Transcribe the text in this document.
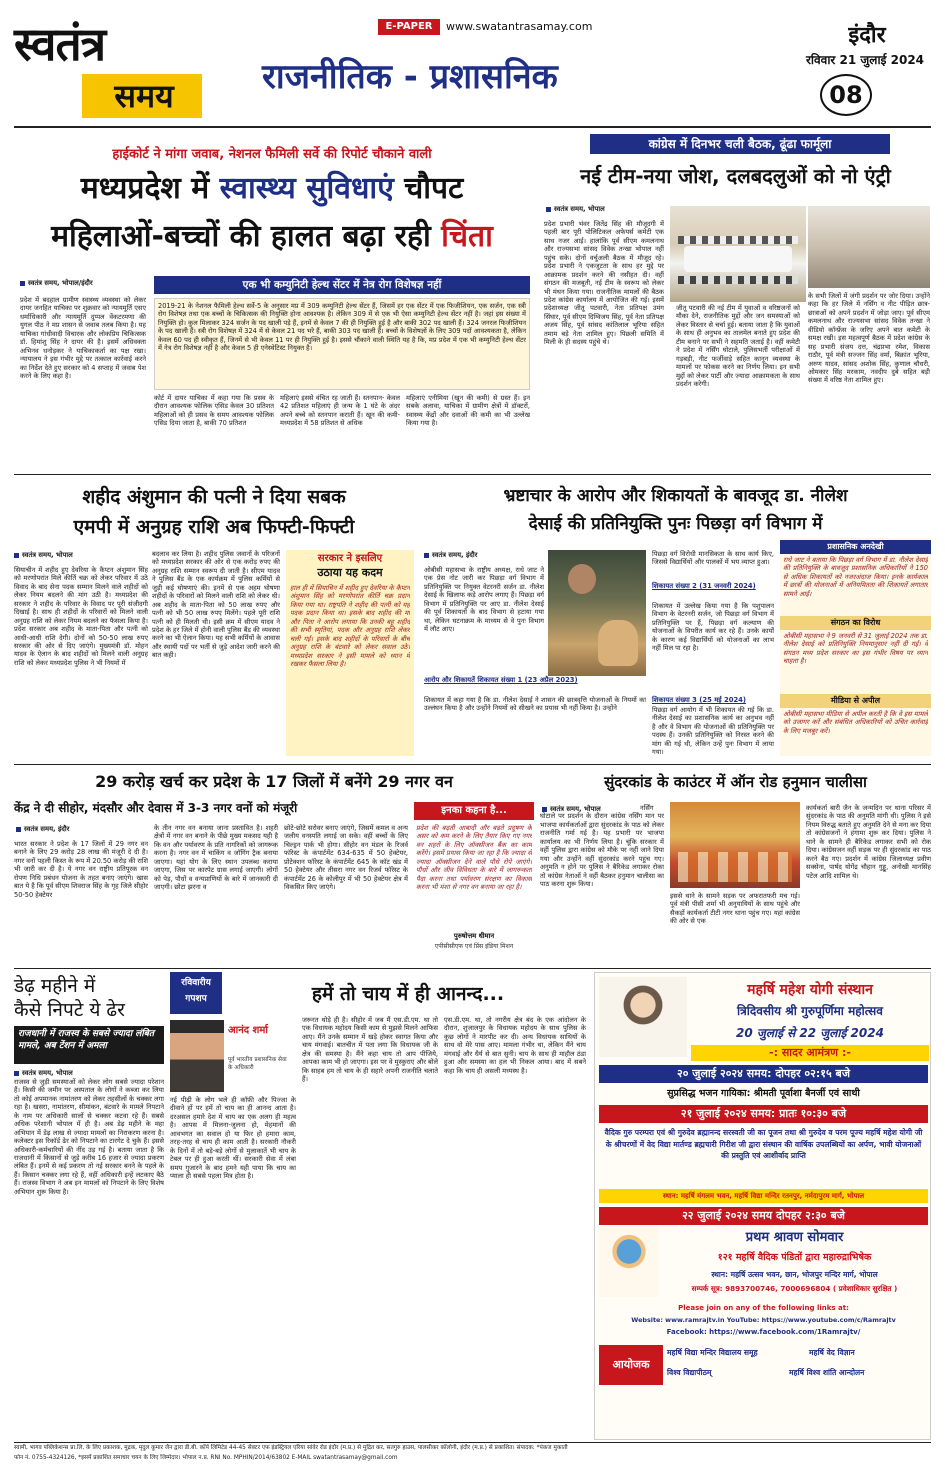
स्वतंत्र
समय
E-PAPER	www.swatantrasamay.com
राजनीतिक - प्रशासनिक
इंदौर
रविवार 21 जुलाई 2024
08
हाईकोर्ट ने मांगा जवाब, नेशनल फैमिली सर्वे की रिपोर्ट चौकाने वाली
मध्यप्रदेश में स्वास्थ्य सुविधाएं चौपट
महिलाओं-बच्चों की हालत बढ़ा रही चिंता
स्वतंत्र समय, भोपाल/इंदौर	एक भी कम्युनिटी हेल्थ सेंटर में नेत्र रोग विशेषज्ञ नहीं
प्रदेश में बदहाल ग्रामीण स्वास्थ्य व्यवस्था को लेकर दायर जनहित याचिका पर शुक्रवार को न्यायमूर्ति एसए धर्माधिकारी और न्यायमूर्ति दुप्पल वेंकटरमणा की युगल पीठ ने मप्र शासन से जवाब तलब किया है। यह याचिका गांधीवादी विचारक और लोकप्रिय चिकित्सक डॉ. हिमांशु सिंह ने दायर की है। इसमें अधिवक्ता अभिनव धनोड़कर ने याचिकाकर्ता का पक्ष रखा। न्यायालय ने इस गंभीर मुद्दे पर तत्काल कार्रवाई करने का निर्देश देते हुए सरकार को 4 सप्ताह में जवाब पेश करने के लिए कहा है।
2019-21 के नेशनल फैमिली हेल्थ सर्वे-5 के अनुसार मप्र में 309 कम्युनिटी हेल्थ सेंटर हैं, जिसमें हर एक सेंटर में एक फिजीशियन, एक सर्जन, एक स्त्री रोग विशेषज्ञ तथा एक बच्चों के चिकित्सक की नियुक्ति होना आवश्यक है। लेकिन 309 में से एक भी ऐसा कम्युनिटी हेल्थ सेंटर नहीं है। जहां इस संख्या में नियुक्ति हो। कुल मिलाकर 324 सर्जन के पद खाली पड़े हैं, इनमें से केवल 7 की ही नियुक्ति हुई है और बाकी 302 पद खाली हैं। 324 जनरल फिजीशियन के पद खाली हैं। स्त्री रोग विशेषज्ञ में 324 में से केवल 21 पद भरे हैं, बाकी 303 पद खाली हैं। बच्चों के विशेषज्ञों के लिए 309 पदों आवश्यकता है, लेकिन केवल 60 पद ही स्वीकृत हैं, जिनमें से भी केवल 11 पर ही नियुक्ति हुई है। इससे चौंकाने वाली स्थिति यह है कि, मप्र प्रदेश में एक भी कम्युनिटी हेल्थ सेंटर में नेत्र रोग विशेषज्ञ नहीं है और केवल 5 ही एनेस्थेटिस्ट नियुक्त है।
कोर्ट में दायर याचिका में कहा गया कि प्रसव के दौरान आवश्यक फोलिक एसिड केवल 30 प्रतिशत महिलाओं को ही प्रसव के समय आवश्यक फोलिक एसिड दिया जाता है, बाकी 70 प्रतिशत
महिलाएं इससे वंचित रह जाती हैं। स्तनपान- केवल 42 प्रतिशत महिलाएं ही जन्म के 1 घंटे के अंदर अपने बच्चे को स्तनपान कराती हैं। खून की कमी- मध्यप्रदेश में 58 प्रतिशत से अधिक
महिलाएं एनीमिया (खून की कमी) से ग्रस्त हैं। इन सबके अलावा, याचिका में ग्रामीण क्षेत्रों में डॉक्टरों, स्वास्थ्य केंद्रों और दवाओं की कमी का भी उल्लेख किया गया है।
कांग्रेस में दिनभर चली बैठक, ढूंढा फार्मूला
नई टीम-नया जोश, दलबदलुओं को नो एंट्री
स्वतंत्र समय, भोपाल
प्रदेश प्रभारी भंवर जितेंद्र सिंह की मौजूदगी में पहली बार पूरी पोलिटिकल अफेयर्स कमेटी एक साथ नजर आई। हालांकि पूर्व सीएम कमलनाथ और राज्यसभा सांसद विवेक तन्खा भोपाल नहीं पहुंच सके। दोनों वर्चुअली बैठक में मौजूद रहे। प्रदेश प्रभारी ने एकजुटता के साथ हर मुद्दे पर आक्रामक प्रदर्शन करने की नसीहत दी। वहीं संगठन की मजबूती, नई टीम के स्वरूप को लेकर भी मंथन किया गया। राजनीतिक मामलों की बैठक प्रदेश कांग्रेस कार्यालय में आयोजित की गई। इसमें प्रदेशाध्यक्ष जीतू पटवारी, नेता प्रतिपक्ष उमंग सिंघार, पूर्व सीएम दिग्विजय सिंह, पूर्व नेता प्रतिपक्ष अजय सिंह, पूर्व सांसद कांतिलाल भूरिया सहित तमाम बड़े नेता शामिल हुए। पिछली समिति में मिली के ही सदस्य पहुंचे थे।
जीतू पटवारी की नई टीम में युवाओं व वरिष्ठजनों को मौका देने, राजनीतिक मुद्दों और जन समस्याओं को लेकर विस्तार से चर्चा हुई। बताया जाता है कि युवाओं के साथ ही अनुभव का तालमेल बनाते हुए प्रदेश की टीम बनाने पर सभी ने सहमति जताई है। वहीं कमेटी ने प्रदेश में नर्सिंग घोटाले, पुलिसभर्ती परीक्षाओं में गड़बड़ी, नीट फर्जीवाड़े सहित कानून व्यवस्था के मामलों पर फोकस करने का निर्णय लिया। इन सभी मुद्दों को लेकर पार्टी और ज्यादा आक्रामकता के साथ प्रदर्शन करेगी।
के सभी जिलों में जंगी प्रदर्शन पर जोर दिया। उन्होंने कहा कि हर जिले में नर्सिंग व नीट पीड़ित छात्र-छात्राओं को अपने प्रदर्शन में जोड़ा जाए। पूर्व सीएम कमलनाथ और राज्यसभा सांसद विवेक तन्खा ने वीडियो कॉन्फ्रेंस के जरिए अपने बात कमेटी के समक्ष रखी। इस महत्वपूर्ण बैठक में प्रदेश कांग्रेस के सह प्रभारी संजय दत्त, चंद्रप्रभा रमेश, विकास राठौर, पूर्व मंत्री सज्जन सिंह वर्मा, बिक्रांत भूरिया, अरुण यादव, सांसद अशोक सिंह, कुणाल चौधरी, ओमकार सिंह मरकाम, नवदीप दुबे सहित बड़ी संख्या में वरिष्ठ नेता शामिल हुए।
शहीद अंशुमान की पत्नी ने दिया सबक
एमपी में अनुग्रह राशि अब फिफ्टी-फिफ्टी
स्वतंत्र समय, भोपाल
सियाचीन में शहीद हुए देवरिया के कैप्टन अंशुमान सिंह को मरणोपरांत मिले कीर्ति चक्र को लेकर परिवार में उठे विवाद के बाद सेना पदक सम्मान मिलने वाले शहीदों को लेकर नियम बदलने की मांग उठी है। मध्यप्रदेश की सरकार ने शहीद के परिवार के विवाद पर पूरी संजीदगी दिखाई है। साथ ही शहीदों के परिवारों को मिलने वाली अनुग्रह राशि को लेकर नियम बदलने का फैसला किया है। प्रदेश सरकार अब शहीद के माता-पिता और पत्नी को आधी-आधी राशि देगी। दोनों को 50-50 लाख रुपए सरकार की ओर से दिए जाएंगे। मुख्यमंत्री डॉ. मोहन यादव के ऐलान के बाद शहीदों को मिलने वाली अनुग्रह राशि को लेकर मध्यप्रदेश पुलिस ने भी नियमों में
बदलाव कर लिया है। शहीद पुलिस जवानों के परिजनों को मध्यप्रदेश सरकार की ओर से एक करोड़ रुपए की अनुग्रह राशि सम्मान स्वरूप दी जाती है। सीएम यादव ने पुलिस बैंड के एक कार्यक्रम में पुलिस कर्मियों से जुड़ी कई घोषणाएं की। इनमें से एक अहम घोषणा शहीदों के परिवारों को मिलने वाली राशि को लेकर थी। अब शहीद के माता-पिता को 50 लाख रुपए और पत्नी को भी 50 लाख रुपए मिलेंगे। पहले पूरी राशि पत्नी को ही मिलती थी। इसी क्रम में सीएम यादव ने प्रदेश के हर जिले में होनी वाली पुलिस बैंड की व्यवस्था करने का भी ऐलान किया। यह सभी कर्मियों के आवास और स्थायी पदों पर भर्ती से जुड़े आदेश जारी करने की बात कही।
सरकार ने इसलिए
उठाया यह कदम
हाल ही में सियाचिन में शहीद हुए देवरिया के कैप्टन अंशुमान सिंह को मरणोपरांत कीर्ति चक्र प्रदान किया गया था। राष्ट्रपति ने शहीद की पत्नी को यह पदक प्रदान किया था। इसके बाद शहीद की मां और पिता ने आरोप लगाया कि उनकी बहू शहीद की सभी स्मृतियां, पदक और अनुग्रह राशि लेकर चली गई। इसके बाद शहीदों के परिवारों के बीच अनुग्रह राशि के बंटवारे को लेकर सवाल उठे। मध्यप्रदेश सरकार ने इसी मामले को ध्यान में रखकर फैसला लिया है।
भ्रष्टाचार के आरोप और शिकायतों के बावजूद डा. नीलेश
देसाई की प्रतिनियुक्ति पुनः पिछड़ा वर्ग विभाग में
स्वतंत्र समय, इंदौर
ओबीसी महासभा के राष्ट्रीय अध्यक्ष, राधे जाट ने एक प्रेस नोट जारी कर पिछड़ा वर्ग विभाग में प्रतिनियुक्ति पर नियुक्त वेटरनरी सर्जन डा. नीलेश देसाई के खिलाफ कड़े आरोप लगाए हैं। पिछड़ा वर्ग विभाग में प्रतिनियुक्ति पर आए डा. नीलेश देसाई की पूर्व शिकायतों के बाद विभाग से हटाया गया था, लेकिन घटनाक्रम के माध्यम से वे पुनः विभाग में लौट आए।
आरोप और शिकायतें शिकायत संख्या 1 (23 अप्रैल 2023)
शिकायत में कहा गया है कि डा. नीलेश देसाई ने शासन की छात्रवृत्ति योजनाओं के नियमों का उल्लंघन किया है और उन्होंने नियमों को सीखने का प्रयास भी नहीं किया है। उन्होंने
पिछड़ा वर्ग विरोधी मानसिकता के साथ कार्य किए, जिससे विद्यार्थियों और पालकों में भय व्याप्त हुआ।
शिकायत संख्या 2 (31 जनवरी 2024)
शिकायत में उल्लेख किया गया है कि पशुपालन विभाग के वेटरनरी सर्जन, जो पिछड़ा वर्ग विभाग में प्रतिनियुक्ति पर हैं, पिछड़ा वर्ग कल्याण की योजनाओं के विपरीत कार्य कर रहे हैं। उनके कार्यों के कारण कई विद्यार्थियों को योजनाओं का लाभ नहीं मिल पा रहा है।
शिकायत संख्या 3 (25 मई 2024)
पिछड़ा वर्ग आयोग में भी शिकायत की गई कि डा. नीलेश देसाई का प्रशासनिक कार्य का अनुभव नहीं है और वे विभाग की योजनाओं की प्रतिनियुक्ति पर पदस्थ हैं। उनकी प्रतिनियुक्ति को निरस्त करने की मांग की गई थी, लेकिन उन्हें पुनः विभाग में लाया गया।
प्रशासनिक अनदेखी
राधे जाट ने बताया कि पिछड़ा वर्ग विभाग में डा. नीलेश देसाई की प्रतिनियुक्ति के बावजूद प्रशासनिक अधिकारियों ने 150 से अधिक शिकायतों को नजरअंदाज किया। इनके कार्यकाल में छात्रों की योजनाओं में अनियमितता की शिकायतें लगातार सामने आईं।
संगठन का विरोध
ओबीसी महासभा ने 9 जनवरी से 31 जुलाई 2024 तक डा. नीलेश देसाई को प्रतिनियुक्ति नियमानुसार नहीं दी गई। वे संगठन मध्य प्रदेश सरकार का इस गंभीर विषय पर ध्यान चाहता है।
मीडिया से अपील
ओबीसी महासभा मीडिया से अपील करती है कि वे इस मामले को उजागर करें और संबंधित अधिकारियों को उचित कार्रवाई के लिए मजबूर करें।
29 करोड़ खर्च कर प्रदेश के 17 जिलों में बनेंगे 29 नगर वन
केंद्र ने दी सीहोर, मंदसौर और देवास में 3-3 नगर वनों को मंजूरी
स्वतंत्र समय, इंदौर
भारत सरकार ने प्रदेश के 17 जिलों में 29 नगर वन बनाने के लिए 29 करोड़ 28 लाख की मंजूरी दे दी है। नगर वनों पहली किस्त के रूप में 20.50 करोड़ की राशि भी जारी कर दी है। ये नगर वन राष्ट्रीय प्रतिपूरक वन रोपण निधि प्रबंधन योजना के तहत बनाए जाएंगे। खास बात ये है कि पूर्व सीएम शिवराज सिंह के गृह जिले सीहोर 50-50 हेक्टेयर
के तीन नगर वन बनाया जाना प्रस्तावित है। शहरी क्षेत्रों में नगर वन बनाने के पीछे मुख्य मकसद यही है कि वन और पर्यावरण के प्रति नागरिकों को जागरूक करना है। नगर वन में चाकिंग व जॉगिंग ट्रैक बनाया जाएगा। यहां योग के लिए स्थान उपलब्ध कराया जाएगा, जिस पर कारपेट ग्रास लगाई जाएगी। लोगों को पेड़, पौधों व वन्यप्राणियों के बारे में जानकारी दी जाएगी। छोटा झरना व
छोटे-छोटे सरोवर बनाए जाएंगे, जिसमें कमल व अन्य जलीय वनस्पति लगाई जा सके। वहीं बच्चों के लिए चिल्ड्रन पार्क भी होगा। सीहोर वन मंडल के रिजर्व फॉरेस्ट के कंपार्टमेंट 634-635 में 50 हेक्टेयर, प्रोटेक्शन फॉरेस्ट के कंपार्टमेंट 645 के कॉट खंड में 50 हेक्टेयर और तीसरा नगर वन रिजर्व फॉरेस्ट के कंपार्टमेंट 26 के कोलीपुर में भी 50 हेक्टेयर क्षेत्र में विकसित किए जाएंगे।
इनका कहना है...
प्रदेश की बढ़ती आबादी और बढ़ते प्रदूषण के असर को कम करने के लिए तैयार किए गए नगर वन शहरों के लिए ऑक्सीजन बैंक का काम करेंगे। इसमें प्रयास किया जा रहा है कि ज्यादा से ज्यादा ऑक्सीजन देने वाले पौधे रोपे जाएंगे। पौधों और जीव विविधता के बारे में जागरूकता पैदा करना तथा पर्यावरण संरक्षण का विकास करना भी मंशा से नगर वन बनाया जा रहा है।
पुरुषोत्तम धीमान
एपीसीसीएफ एवं प्रिंस इंडिया मिशन
सुंदरकांड के काउंटर में ऑन रोड हनुमान चालीसा
स्वतंत्र समय, भोपाल	नर्सिंग घोटाले पर प्रदर्शन के दौरान कांग्रेस नर्सिंग मान पर भाजपा कार्यकर्ताओं द्वारा सुंदरकांड के पाठ को लेकर राजनीति गर्मा गई है। यह प्रभारी पर भाजपा कार्यालय का भी निर्णय लिया है। चूंकि सरकार में वहीं पुलिस द्वारा कांग्रेस को मौके पर नहीं जाने दिया गया और उन्होंने वहीं सुंदरकांड करने पहुंच गए। अनुमति न होने पर पुलिस ने बैरिकेड लगाकर रोका तो कांग्रेस नेताओं ने वहीं बैठकर हनुमान चालीसा का पाठ करना शुरू किया।
इससे थाने के सामने सड़क पर अफरातफरी मच गई। पूर्व मंत्री पीसी शर्मा भी अनुयायियों के साथ पहुंचे और सैकड़ों कार्यकर्ता टीटी नगर थाना पहुंच गए। यहां कांग्रेस की ओर से एक
कार्यकर्ता बारी जैन के जन्मदिन पर थाना परिसर में सुंदरकांड के पाठ की अनुमति मांगी थी। पुलिस ने इसे नियम विरुद्ध बताते हुए अनुमति देने से मना कर दिया तो कांग्रेसजनों ने हंगामा शुरू कर दिया। पुलिस ने थाने के सामने ही बैरिकेड लगाकर सभी को रोक दिया। कांग्रेसजन वहीं सड़क पर ही सुंदरकांड का पाठ करने बैठ गए। प्रदर्शन में कांग्रेस जिलाध्यक्ष प्रवीण सक्सेना, पार्षद योगेंद्र चौहान गुड्डू, अनोखी मानसिंह पटेल आदि शामिल थे।
डेढ़ महीने में
कैसे निपटे ये ढेर
राजधानी में राजस्व के सबसे ज्यादा लंबित मामले, अब टेंशन में अमला
स्वतंत्र समय, भोपाल
राजस्व से जुड़ी समस्याओं को लेकर लोग सबसे ज्यादा परेशान हैं। किसी की जमीन पर अस्पताल के लोगों ने कब्जा कर लिया तो कोई अपमानक नामांतरण को लेकर तहसीलों के चक्कर लगा रहा है। खसरा, नामांतरण, सीमांकन, बंटवारे के मामले निपटाने के नाम पर अधिकारी सालों से चक्कर कटवा रहे हैं। सबसे अधिक परेशानी भोपाल में ही है। अब डेढ़ महीने के महा अभियान में डेढ़ लाख से ज्यादा मामलों का निराकरण करना है। कलेक्टर इस रिकॉर्ड ढेर को निपटाने का टारगेट दे चुके हैं। इससे अधिकारी-कर्मचारियों की नींद उड़ गई है। बताया जाता है कि राजधानी में किसानों से जुड़े करीब 16 हजार से ज्यादा प्रकरण लंबित हैं। इनमें से कई प्रकरण तो नई सरकार बनने के पहले के हैं। किसान चक्कर लगा रहे हैं, वहीं अधिकारी इन्हें लटकाए बैठे हैं। राजस्व विभाग ने अब इन मामलों को निपटाने के लिए विशेष अभियान शुरू किया है।
रविवारीय
गपशप	हमें तो चाय में ही आनन्द...
आनंद शर्मा
पूर्व भारतीय प्रशासनिक सेवा के अधिकारी
नई पीढ़ी के लोग भले ही कॉफ़ी और पिज्जा के दीवाने हों पर हमें तो चाय का ही आनन्द आता है। दरअसल हमारे देश में चाय का एक अलग ही महत्व है। आपस में मिलना-जुलना हो, मेहमानों की आवभगत का सवाल हो या फिर हो हमारा काम, तरह-तरह से चाय ही काम आती है। सरकारी नौकरी के दिनों में तो बड़े-बड़े लोगों से मुलाकातें भी चाय के टेबल पर ही हुआ करती थीं। सरकारी सेवा में लंबा समय गुजारने के बाद हमने यही पाया कि चाय का प्याला ही सबसे पहला मित्र होता है।
जरूरत थोड़े ही है। सीहोर में जब मैं एस.डी.एम. था तो एक विधायक महोदय किसी काम से मुझसे मिलने आफिस आए। मैंने उनके सम्मान में खड़े होकर स्वागत किया और चाय मंगवाई। बातचीत में पता लगा कि विधायक जी के क्षेत्र की समस्या है। मैंने कहा चाय तो आप पीजिये, आपका काम भी हो जाएगा। इस पर वे मुस्कुराए और बोले कि साहब हम तो चाय के ही सहारे अपनी राजनीति चलाते हैं।
एस.डी.एम. था, तो नगरीय क्षेत्र बंद के एक आंदोलन के दौरान, शुजालपुर के विधायक महोदय के साथ पुलिस के कुछ लोगों ने मारपीट कर दी। अन्य विधायक साथियों के साथ वो मेरे पास आए। मामला गंभीर था, लेकिन मैंने चाय मंगवाई और धैर्य से बात सुनी। चाय के साथ ही माहौल ठंडा हुआ और समस्या का हल भी निकल आया। बाद में सबने कहा कि चाय ही असली मध्यस्थ है।
महर्षि महेश योगी संस्थान
त्रिदिवसीय श्री गुरुपूर्णिमा महोत्सव
20 जुलाई से 22 जुलाई 2024
-: सादर आमंत्रण :-
२० जुलाई २०२४ समय: दोपहर ०२:१५ बजे
सुप्रसिद्ध भजन गायिका: श्रीमती पूर्वाशा बैनर्जी एवं साथी
२१ जुलाई २०२४ समय: प्रातः १०:३० बजे
वैदिक गुरु परम्परा एवं श्री गुरुदेव ब्रह्मानन्द सरस्वती जी का पूजन तथा श्री गुरुदेव व परम पूज्य महर्षि महेश योगी जी के श्रीचरणों में वेद विद्या मार्तण्ड ब्रह्मचारी गिरीश जी द्वारा संस्थान की वार्षिक उपलब्धियों का अर्पण, भावी योजनाओं की प्रस्तुति एवं आशीर्वाद प्राप्ति
स्थान: महर्षि मंगलम भवन, महर्षि विद्या मन्दिर रतनपुर, नर्मदापुरम मार्ग, भोपाल
२२ जुलाई २०२४ समय दोपहर २:३० बजे
प्रथम श्रावण सोमवार
१२१ महर्षि वैदिक पंडितों द्वारा महारुद्राभिषेक
स्थान: महर्षि उत्सव भवन, छान, भोजपुर मन्दिर मार्ग, भोपाल
सम्पर्क सूत्र: 9893700746, 7000696804 ( प्रवेशाधिकार सुरक्षित )
Please join on any of the following links at:
Website: www.ramrajtv.in YouTube: https://www.youtube.com/c/Ramrajtv
Facebook: https://www.facebook.com/1Ramrajtv/
आयोजक
महर्षि विद्या मन्दिर विद्यालय समूह	महर्षि वेद विज्ञान
विश्व विद्यापीठम्	महर्षि विश्व शांति आन्दोलन
स्वामी, भागव पब्लिकेशन्स प्रा.लि. के लिए प्रकाशक, मुद्रक, मृदुल कुमार जैन द्वारा डी.बी. कॉर्प लिमिटेड 44-45 सेक्टर एफ इंडस्ट्रियल एरिया सांवेर रोड इंदौर (म.प्र.) से मुद्रित कर, सतगुरु हाउस, पालसीकर कॉलोनी, इंदौर (म.प्र.) से प्रकाशित। संपादक: *पंकज मुकाती
फोन नं. 0755-4324126, *इसमें प्रकाशित समाचार चयन के लिए जिम्मेदार। भोपाल न.प्र. RNI No. MPHIN/2014/63802 E-MAIL swatantrasamay@gmail.com
